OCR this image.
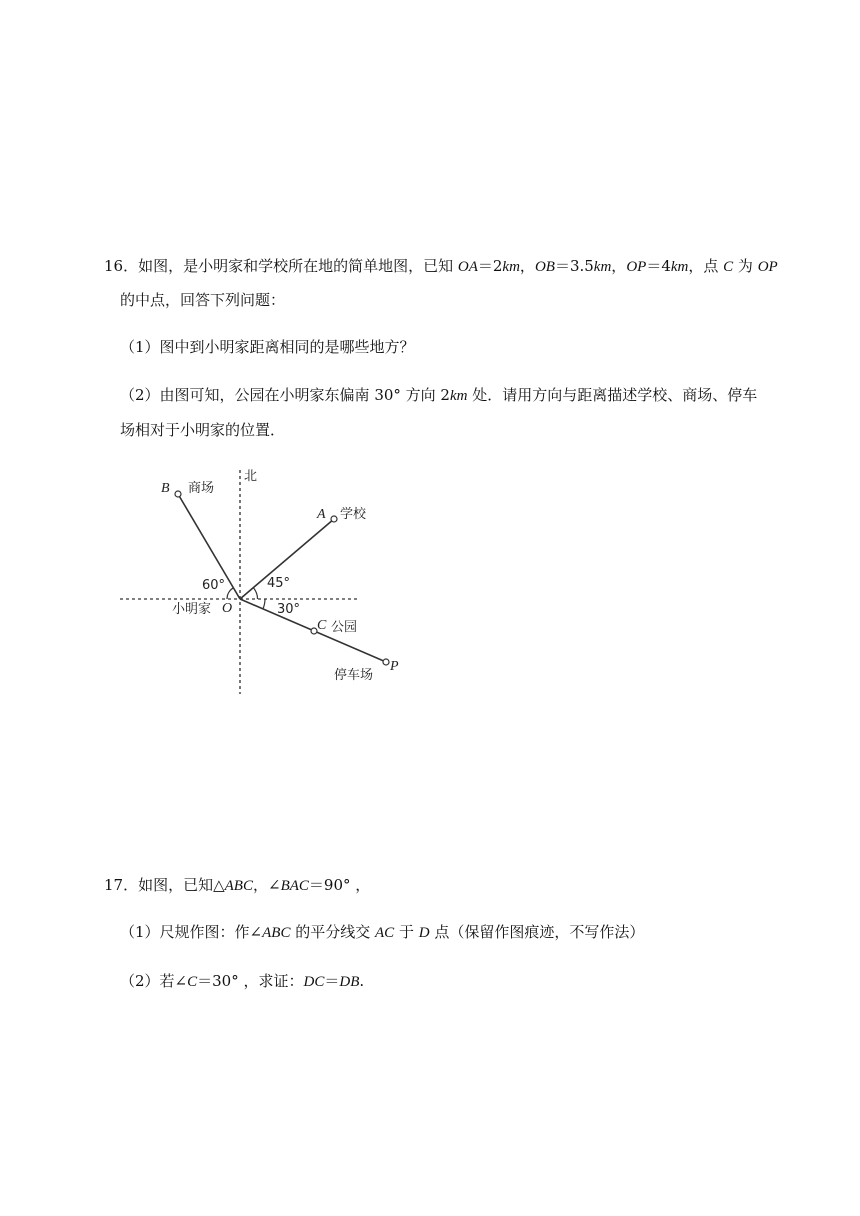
16．如图，是小明家和学校所在地的简单地图，已知 OA＝2km，OB＝3.5km，OP＝4km，点 C 为 OP
的中点，回答下列问题：
（1）图中到小明家距离相同的是哪些地方？
（2）由图可知，公园在小明家东偏南 30° 方向 2km 处．请用方向与距离描述学校、商场、停车
场相对于小明家的位置．
北
B 商场
A 学校
60°	45°
30°
小明家 O
C 公园
停车场
P
17．如图，已知△ABC，∠BAC＝90° ，
（1）尺规作图：作∠ABC 的平分线交 AC 于 D 点（保留作图痕迹，不写作法）
（2）若∠C＝30° ，求证：DC＝DB.
